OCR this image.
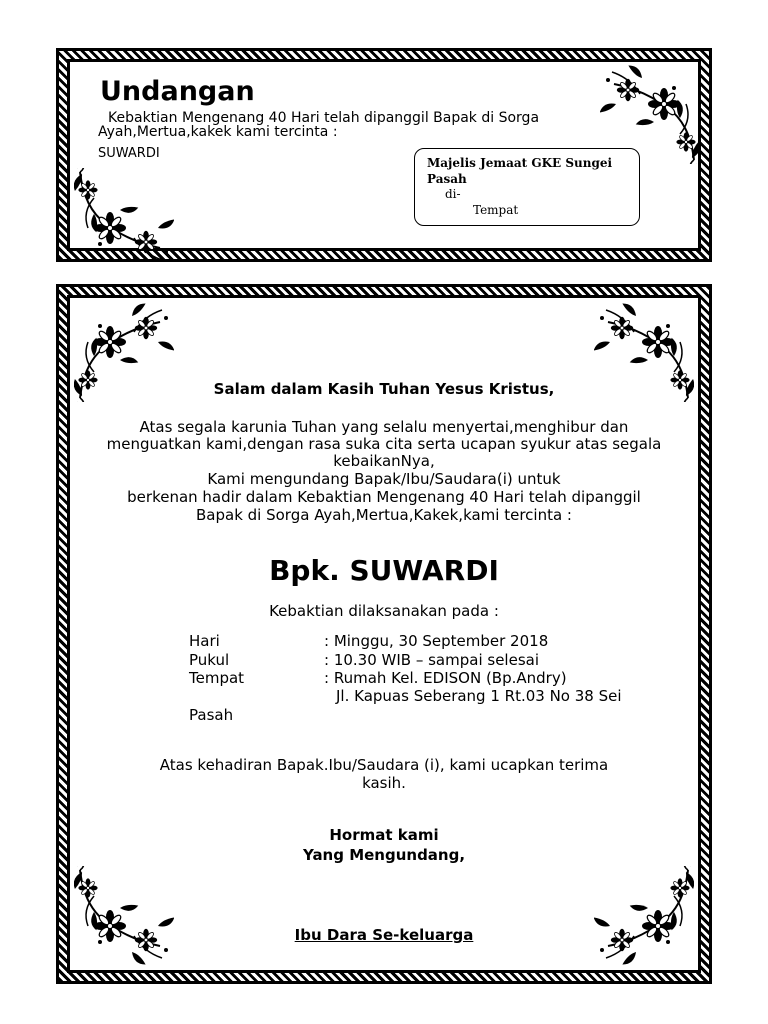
Undangan
Kebaktian Mengenang 40 Hari telah dipanggil Bapak di Sorga
Ayah,Mertua,kakek kami tercinta :
SUWARDI
Majelis Jemaat GKE Sungei Pasah
di-
Tempat
Salam dalam Kasih Tuhan Yesus Kristus,
Atas segala karunia Tuhan yang selalu menyertai,menghibur dan
menguatkan kami,dengan rasa suka cita serta ucapan syukur atas segala
kebaikanNya,
Kami mengundang Bapak/Ibu/Saudara(i) untuk
berkenan hadir dalam Kebaktian Mengenang 40 Hari telah dipanggil
Bapak di Sorga Ayah,Mertua,Kakek,kami tercinta :
Bpk. SUWARDI
Kebaktian dilaksanakan pada :
Hari	: Minggu, 30 September 2018
Pukul	: 10.30 WIB – sampai selesai
Tempat	: Rumah Kel. EDISON (Bp.Andry)
Jl. Kapuas Seberang 1 Rt.03 No 38 Sei
Pasah
Atas kehadiran Bapak.Ibu/Saudara (i), kami ucapkan terima
kasih.
Hormat kami
Yang Mengundang,
Ibu Dara Se-keluarga
